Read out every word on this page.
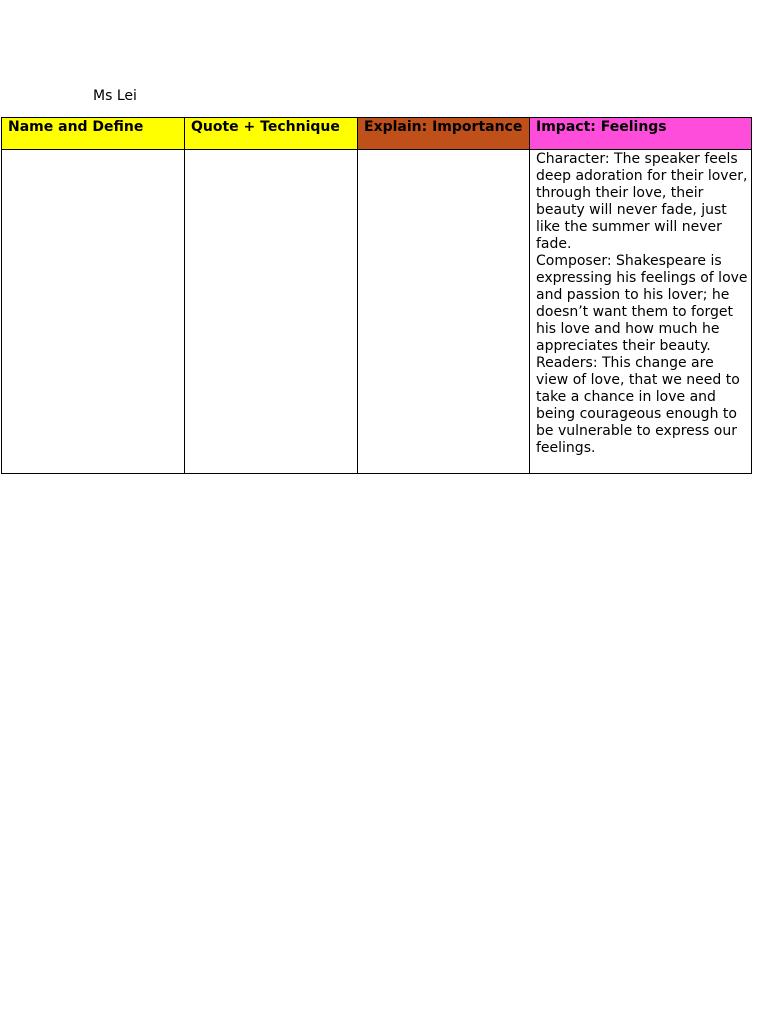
Ms Lei
Name and Define	Quote + Technique	Explain: Importance	Impact: Feelings

			Character: The speaker feels deep adoration for their lover, through their love, their beauty will never fade, just like the summer will never fade.
Composer: Shakespeare is expressing his feelings of love and passion to his lover; he doesn’t want them to forget his love and how much he appreciates their beauty.
Readers: This change are view of love, that we need to take a chance in love and being courageous enough to be vulnerable to express our feelings.
